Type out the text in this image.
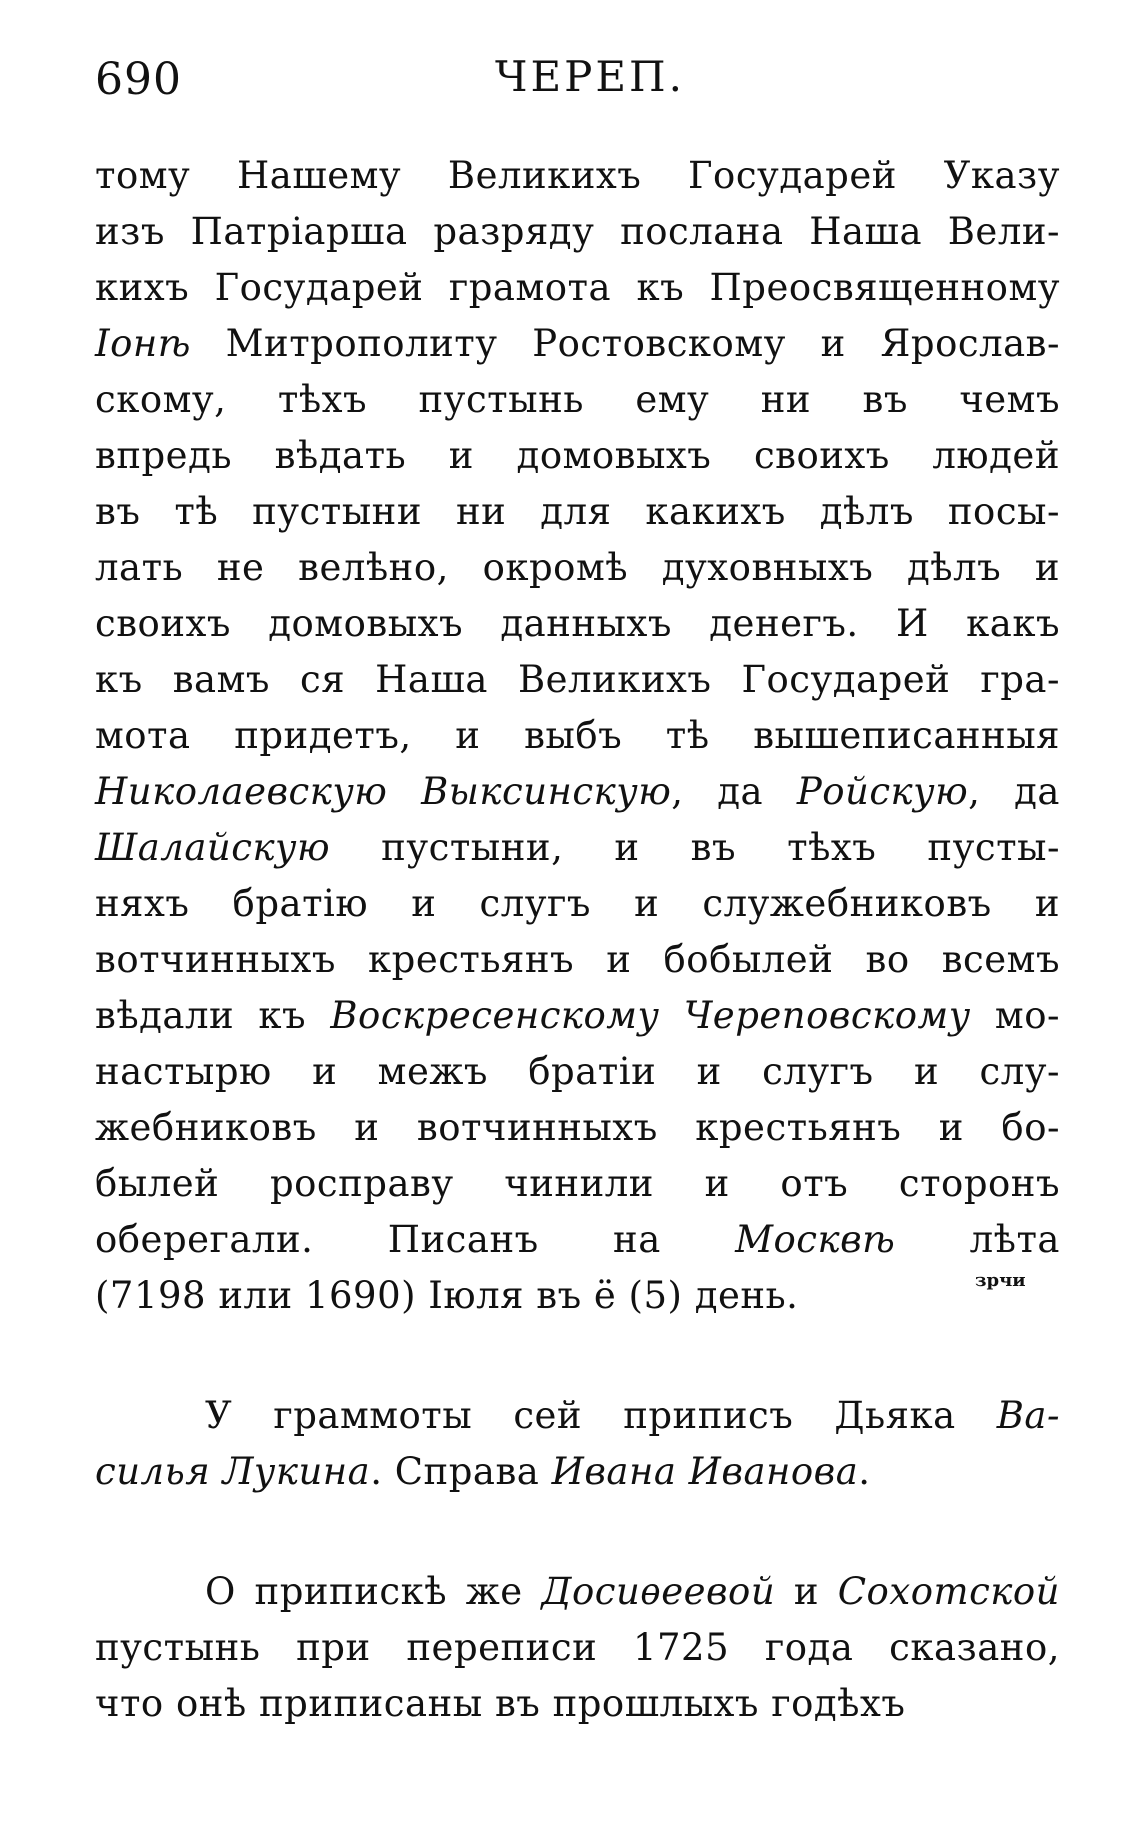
690	ЧЕРЕП.
тому Нашему Великихъ Государей Указу
изъ Патріарша разряду послана Наша Вели-
кихъ Государей грамота къ Преосвященному
Іонѣ Митрополиту Ростовскому и Ярослав-
скому, тѣхъ пустынь ему ни въ чемъ
впредь вѣдать и домовыхъ своихъ людей
въ тѣ пустыни ни для какихъ дѣлъ посы-
лать не велѣно, окромѣ духовныхъ дѣлъ и
своихъ домовыхъ данныхъ денегъ. И какъ
къ вамъ ся Наша Великихъ Государей гра-
мота придетъ, и выбъ тѣ вышеписанныя
Николаевскую Выксинскую, да Ройскую, да
Шалайскую пустыни, и въ тѣхъ пусты-
няхъ братію и слугъ и служебниковъ и
вотчинныхъ крестьянъ и бобылей во всемъ
вѣдали къ Воскресенскому Череповскому мо-
настырю и межъ братіи и слугъ и слу-
жебниковъ и вотчинныхъ крестьянъ и бо-
былей росправу чинили и отъ сторонъ
оберегали. Писанъ на Москвѣ лѣта
(7198 или 1690) Іюля въ ё (5) день.
У граммоты сей приписъ Дьяка Ва-
силья Лукина. Справа Ивана Иванова.
О припискѣ же Досиѳеевой и Сохотской
пустынь при переписи 1725 года сказано,
что онѣ приписаны въ прошлыхъ годѣхъ
зрчи
